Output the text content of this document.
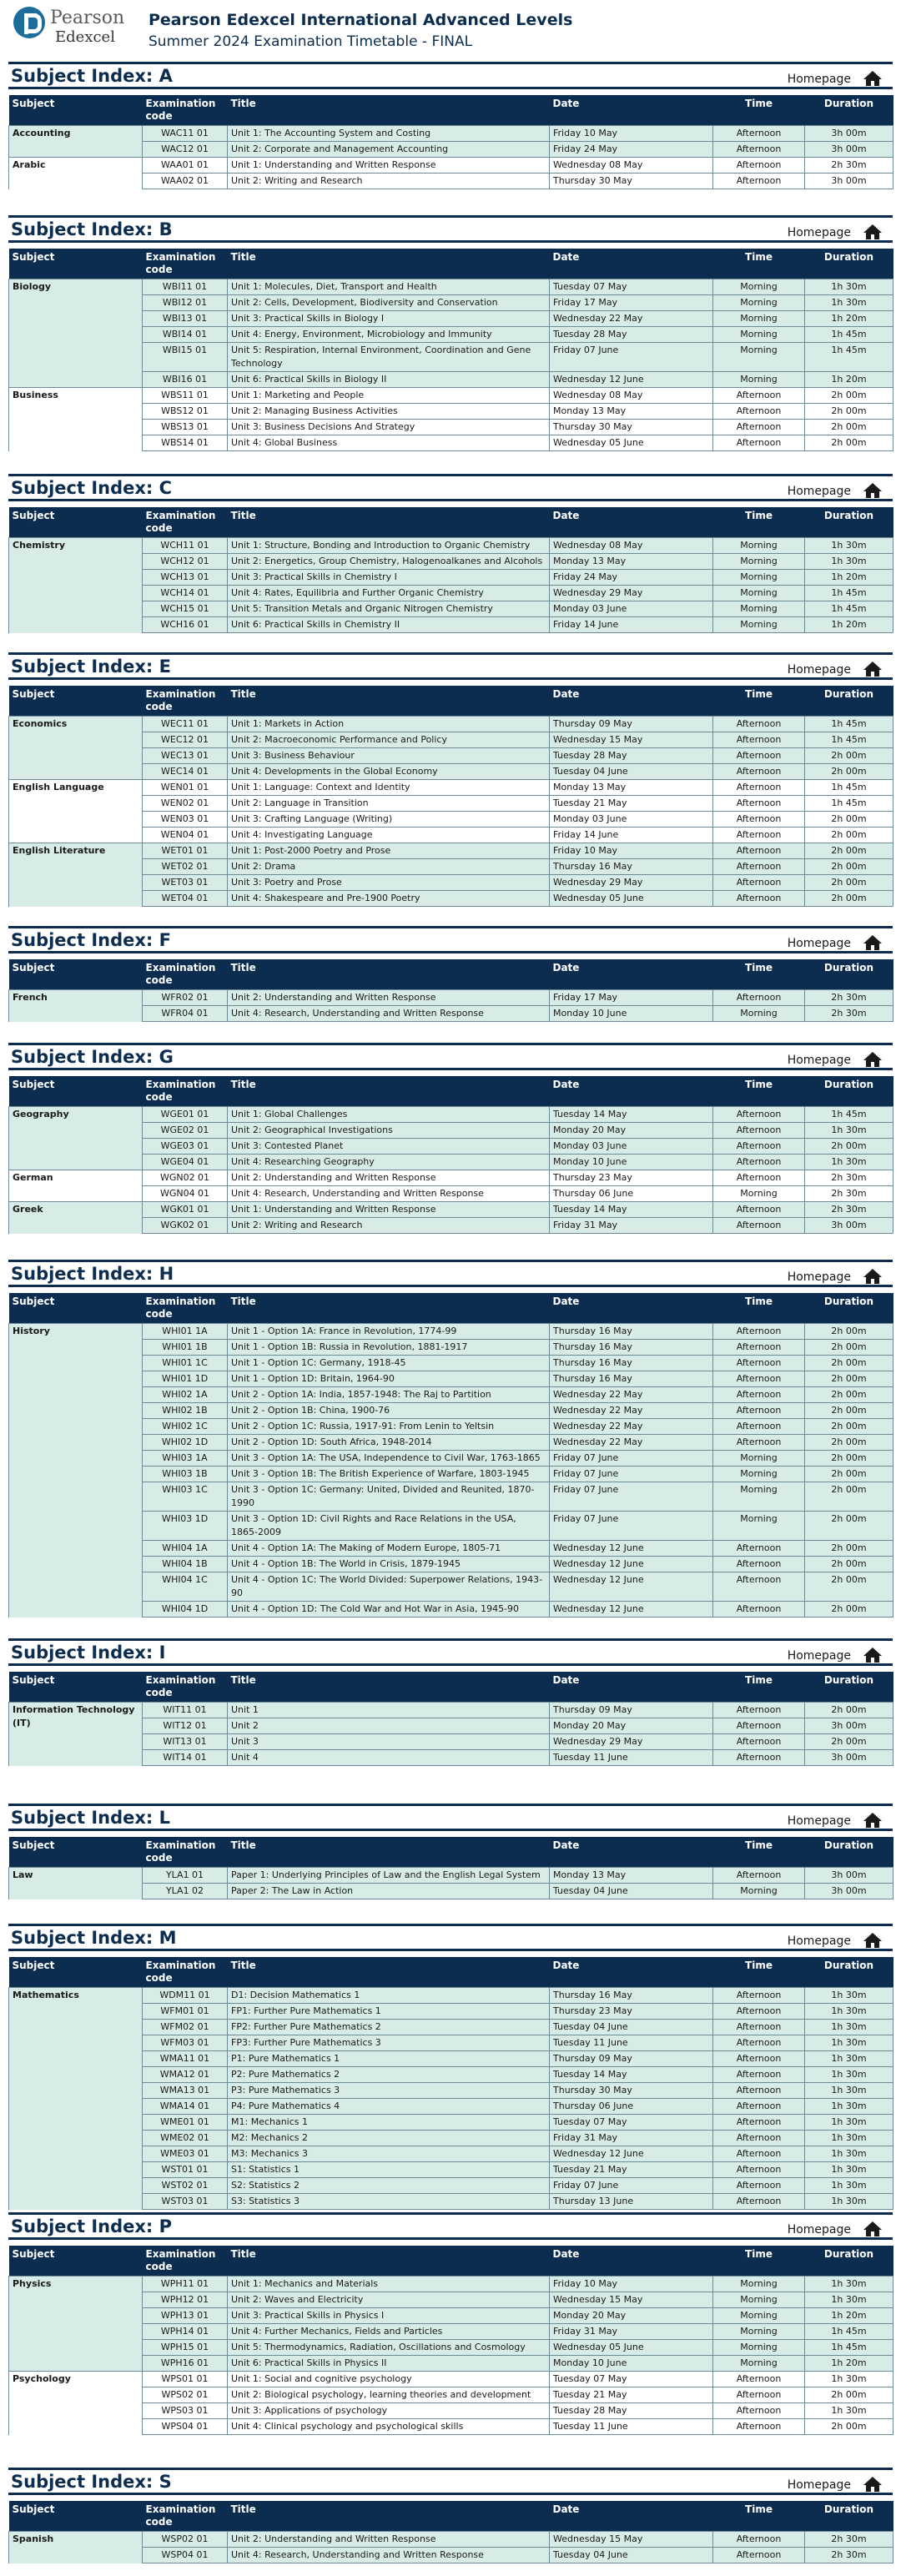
Pearson
Edexcel
Pearson Edexcel International Advanced Levels
Summer 2024 Examination Timetable - FINAL
Subject Index: A	Homepage
Subject	Examination code	Title	Date	Time	Duration
Accounting	WAC11 01	Unit 1: The Accounting System and Costing	Friday 10 May	Afternoon	3h 00m
	WAC12 01	Unit 2: Corporate and Management Accounting	Friday 24 May	Afternoon	3h 00m
Arabic	WAA01 01	Unit 1: Understanding and Written Response	Wednesday 08 May	Afternoon	2h 30m
	WAA02 01	Unit 2: Writing and Research	Thursday 30 May	Afternoon	3h 00m
Subject Index: B	Homepage
Subject	Examination code	Title	Date	Time	Duration
Biology	WBI11 01	Unit 1: Molecules, Diet, Transport and Health	Tuesday 07 May	Morning	1h 30m
	WBI12 01	Unit 2: Cells, Development, Biodiversity and Conservation	Friday 17 May	Morning	1h 30m
	WBI13 01	Unit 3: Practical Skills in Biology I	Wednesday 22 May	Morning	1h 20m
	WBI14 01	Unit 4: Energy, Environment, Microbiology and Immunity	Tuesday 28 May	Morning	1h 45m
	WBI15 01	Unit 5: Respiration, Internal Environment, Coordination and Gene Technology	Friday 07 June	Morning	1h 45m
	WBI16 01	Unit 6: Practical Skills in Biology II	Wednesday 12 June	Morning	1h 20m
Business	WBS11 01	Unit 1: Marketing and People	Wednesday 08 May	Afternoon	2h 00m
	WBS12 01	Unit 2: Managing Business Activities	Monday 13 May	Afternoon	2h 00m
	WBS13 01	Unit 3: Business Decisions And Strategy	Thursday 30 May	Afternoon	2h 00m
	WBS14 01	Unit 4: Global Business	Wednesday 05 June	Afternoon	2h 00m
Subject Index: C	Homepage
Subject	Examination code	Title	Date	Time	Duration
Chemistry	WCH11 01	Unit 1: Structure, Bonding and Introduction to Organic Chemistry	Wednesday 08 May	Morning	1h 30m
	WCH12 01	Unit 2: Energetics, Group Chemistry, Halogenoalkanes and Alcohols	Monday 13 May	Morning	1h 30m
	WCH13 01	Unit 3: Practical Skills in Chemistry I	Friday 24 May	Morning	1h 20m
	WCH14 01	Unit 4: Rates, Equilibria and Further Organic Chemistry	Wednesday 29 May	Morning	1h 45m
	WCH15 01	Unit 5: Transition Metals and Organic Nitrogen Chemistry	Monday 03 June	Morning	1h 45m
	WCH16 01	Unit 6: Practical Skills in Chemistry II	Friday 14 June	Morning	1h 20m
Subject Index: E	Homepage
Subject	Examination code	Title	Date	Time	Duration
Economics	WEC11 01	Unit 1: Markets in Action	Thursday 09 May	Afternoon	1h 45m
	WEC12 01	Unit 2: Macroeconomic Performance and Policy	Wednesday 15 May	Afternoon	1h 45m
	WEC13 01	Unit 3: Business Behaviour	Tuesday 28 May	Afternoon	2h 00m
	WEC14 01	Unit 4: Developments in the Global Economy	Tuesday 04 June	Afternoon	2h 00m
English Language	WEN01 01	Unit 1: Language: Context and Identity	Monday 13 May	Afternoon	1h 45m
	WEN02 01	Unit 2: Language in Transition	Tuesday 21 May	Afternoon	1h 45m
	WEN03 01	Unit 3: Crafting Language (Writing)	Monday 03 June	Afternoon	2h 00m
	WEN04 01	Unit 4: Investigating Language	Friday 14 June	Afternoon	2h 00m
English Literature	WET01 01	Unit 1: Post-2000 Poetry and Prose	Friday 10 May	Afternoon	2h 00m
	WET02 01	Unit 2: Drama	Thursday 16 May	Afternoon	2h 00m
	WET03 01	Unit 3: Poetry and Prose	Wednesday 29 May	Afternoon	2h 00m
	WET04 01	Unit 4: Shakespeare and Pre-1900 Poetry	Wednesday 05 June	Afternoon	2h 00m
Subject Index: F	Homepage
Subject	Examination code	Title	Date	Time	Duration
French	WFR02 01	Unit 2: Understanding and Written Response	Friday 17 May	Afternoon	2h 30m
	WFR04 01	Unit 4: Research, Understanding and Written Response	Monday 10 June	Morning	2h 30m
Subject Index: G	Homepage
Subject	Examination code	Title	Date	Time	Duration
Geography	WGE01 01	Unit 1: Global Challenges	Tuesday 14 May	Afternoon	1h 45m
	WGE02 01	Unit 2: Geographical Investigations	Monday 20 May	Afternoon	1h 30m
	WGE03 01	Unit 3: Contested Planet	Monday 03 June	Afternoon	2h 00m
	WGE04 01	Unit 4: Researching Geography	Monday 10 June	Afternoon	1h 30m
German	WGN02 01	Unit 2: Understanding and Written Response	Thursday 23 May	Afternoon	2h 30m
	WGN04 01	Unit 4: Research, Understanding and Written Response	Thursday 06 June	Morning	2h 30m
Greek	WGK01 01	Unit 1: Understanding and Written Response	Tuesday 14 May	Afternoon	2h 30m
	WGK02 01	Unit 2: Writing and Research	Friday 31 May	Afternoon	3h 00m
Subject Index: H	Homepage
Subject	Examination code	Title	Date	Time	Duration
History	WHI01 1A	Unit 1 - Option 1A: France in Revolution, 1774-99	Thursday 16 May	Afternoon	2h 00m
	WHI01 1B	Unit 1 - Option 1B: Russia in Revolution, 1881-1917	Thursday 16 May	Afternoon	2h 00m
	WHI01 1C	Unit 1 - Option 1C: Germany, 1918-45	Thursday 16 May	Afternoon	2h 00m
	WHI01 1D	Unit 1 - Option 1D: Britain, 1964-90	Thursday 16 May	Afternoon	2h 00m
	WHI02 1A	Unit 2 - Option 1A: India, 1857-1948: The Raj to Partition	Wednesday 22 May	Afternoon	2h 00m
	WHI02 1B	Unit 2 - Option 1B: China, 1900-76	Wednesday 22 May	Afternoon	2h 00m
	WHI02 1C	Unit 2 - Option 1C: Russia, 1917-91: From Lenin to Yeltsin	Wednesday 22 May	Afternoon	2h 00m
	WHI02 1D	Unit 2 - Option 1D: South Africa, 1948-2014	Wednesday 22 May	Afternoon	2h 00m
	WHI03 1A	Unit 3 - Option 1A: The USA, Independence to Civil War, 1763-1865	Friday 07 June	Morning	2h 00m
	WHI03 1B	Unit 3 - Option 1B: The British Experience of Warfare, 1803-1945	Friday 07 June	Morning	2h 00m
	WHI03 1C	Unit 3 - Option 1C: Germany: United, Divided and Reunited, 1870-1990	Friday 07 June	Morning	2h 00m
	WHI03 1D	Unit 3 - Option 1D: Civil Rights and Race Relations in the USA, 1865-2009	Friday 07 June	Morning	2h 00m
	WHI04 1A	Unit 4 - Option 1A: The Making of Modern Europe, 1805-71	Wednesday 12 June	Afternoon	2h 00m
	WHI04 1B	Unit 4 - Option 1B: The World in Crisis, 1879-1945	Wednesday 12 June	Afternoon	2h 00m
	WHI04 1C	Unit 4 - Option 1C: The World Divided: Superpower Relations, 1943-90	Wednesday 12 June	Afternoon	2h 00m
	WHI04 1D	Unit 4 - Option 1D: The Cold War and Hot War in Asia, 1945-90	Wednesday 12 June	Afternoon	2h 00m
Subject Index: I	Homepage
Subject	Examination code	Title	Date	Time	Duration
Information Technology (IT)	WIT11 01	Unit 1	Thursday 09 May	Afternoon	2h 00m
	WIT12 01	Unit 2	Monday 20 May	Afternoon	3h 00m
	WIT13 01	Unit 3	Wednesday 29 May	Afternoon	2h 00m
	WIT14 01	Unit 4	Tuesday 11 June	Afternoon	3h 00m
Subject Index: L	Homepage
Subject	Examination code	Title	Date	Time	Duration
Law	YLA1 01	Paper 1: Underlying Principles of Law and the English Legal System	Monday 13 May	Afternoon	3h 00m
	YLA1 02	Paper 2: The Law in Action	Tuesday 04 June	Morning	3h 00m
Subject Index: M	Homepage
Subject	Examination code	Title	Date	Time	Duration
Mathematics	WDM11 01	D1: Decision Mathematics 1	Thursday 16 May	Afternoon	1h 30m
	WFM01 01	FP1: Further Pure Mathematics 1	Thursday 23 May	Afternoon	1h 30m
	WFM02 01	FP2: Further Pure Mathematics 2	Tuesday 04 June	Afternoon	1h 30m
	WFM03 01	FP3: Further Pure Mathematics 3	Tuesday 11 June	Afternoon	1h 30m
	WMA11 01	P1: Pure Mathematics 1	Thursday 09 May	Afternoon	1h 30m
	WMA12 01	P2: Pure Mathematics 2	Tuesday 14 May	Afternoon	1h 30m
	WMA13 01	P3: Pure Mathematics 3	Thursday 30 May	Afternoon	1h 30m
	WMA14 01	P4: Pure Mathematics 4	Thursday 06 June	Afternoon	1h 30m
	WME01 01	M1: Mechanics 1	Tuesday 07 May	Afternoon	1h 30m
	WME02 01	M2: Mechanics 2	Friday 31 May	Afternoon	1h 30m
	WME03 01	M3: Mechanics 3	Wednesday 12 June	Afternoon	1h 30m
	WST01 01	S1: Statistics 1	Tuesday 21 May	Afternoon	1h 30m
	WST02 01	S2: Statistics 2	Friday 07 June	Afternoon	1h 30m
	WST03 01	S3: Statistics 3	Thursday 13 June	Afternoon	1h 30m
Subject Index: P	Homepage
Subject	Examination code	Title	Date	Time	Duration
Physics	WPH11 01	Unit 1: Mechanics and Materials	Friday 10 May	Morning	1h 30m
	WPH12 01	Unit 2: Waves and Electricity	Wednesday 15 May	Morning	1h 30m
	WPH13 01	Unit 3: Practical Skills in Physics I	Monday 20 May	Morning	1h 20m
	WPH14 01	Unit 4: Further Mechanics, Fields and Particles	Friday 31 May	Morning	1h 45m
	WPH15 01	Unit 5: Thermodynamics, Radiation, Oscillations and Cosmology	Wednesday 05 June	Morning	1h 45m
	WPH16 01	Unit 6: Practical Skills in Physics II	Monday 10 June	Morning	1h 20m
Psychology	WPS01 01	Unit 1: Social and cognitive psychology	Tuesday 07 May	Afternoon	1h 30m
	WPS02 01	Unit 2: Biological psychology, learning theories and development	Tuesday 21 May	Afternoon	2h 00m
	WPS03 01	Unit 3: Applications of psychology	Tuesday 28 May	Afternoon	1h 30m
	WPS04 01	Unit 4: Clinical psychology and psychological skills	Tuesday 11 June	Afternoon	2h 00m
Subject Index: S	Homepage
Subject	Examination code	Title	Date	Time	Duration
Spanish	WSP02 01	Unit 2: Understanding and Written Response	Wednesday 15 May	Afternoon	2h 30m
	WSP04 01	Unit 4: Research, Understanding and Written Response	Tuesday 04 June	Afternoon	2h 30m
